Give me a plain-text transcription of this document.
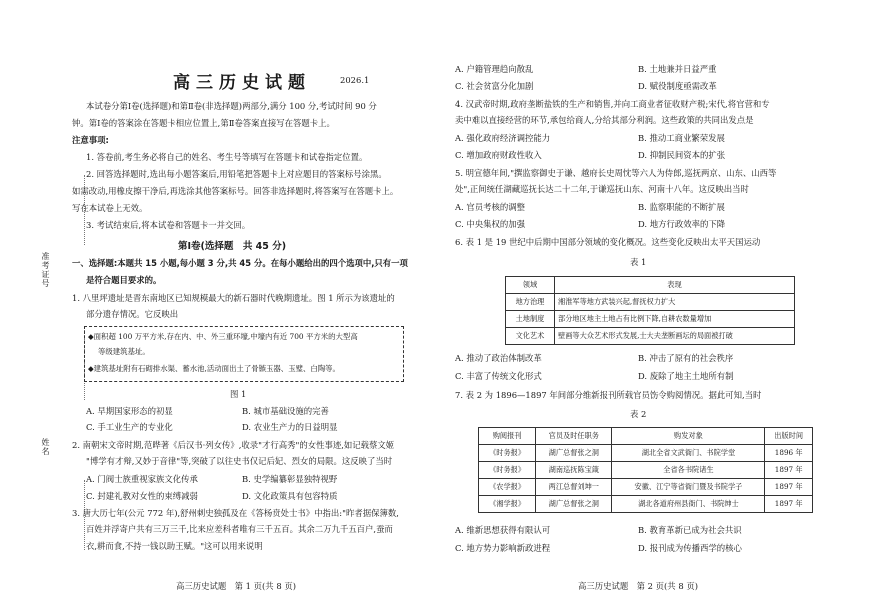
准考证号
姓名
高三历史试题	2026.1
本试卷分第Ⅰ卷(选择题)和第Ⅱ卷(非选择题)两部分,满分 100 分,考试时间 90 分
钟。第Ⅰ卷的答案涂在答题卡相应位置上,第Ⅱ卷答案直接写在答题卡上。
注意事项:
1. 答卷前,考生务必将自己的姓名、考生号等填写在答题卡和试卷指定位置。
2. 回答选择题时,选出每小题答案后,用铅笔把答题卡上对应题目的答案标号涂黑。
如需改动,用橡皮擦干净后,再选涂其他答案标号。回答非选择题时,将答案写在答题卡上。
写在本试卷上无效。
3. 考试结束后,将本试卷和答题卡一并交回。
第Ⅰ卷(选择题　共 45 分)
一、选择题:本题共 15 小题,每小题 3 分,共 45 分。在每小题给出的四个选项中,只有一项
是符合题目要求的。
1. 八里坪遗址是晋东南地区已知规模最大的新石器时代晚期遗址。图 1 所示为该遗址的
部分遗存情况。它反映出
◆面积超 100 万平方米,存在内、中、外三重环壕,中壕内有近 700 平方米的大型高
等级建筑基址。
◆建筑基址附有石砌排水渠、蓄水池,活动面出土了骨镞玉器、玉璧、白陶等。
图 1
A. 早期国家形态的初显	B. 城市基础设施的完善
C. 手工业生产的专业化	D. 农业生产力的日益明显
2. 南朝宋文帝时期,范晔著《后汉书·列女传》,收录"才行高秀"的女性事迹,如记载蔡文姬
"博学有才辩,又妙于音律"等,突破了以往史书仅记后妃、烈女的局限。这反映了当时
A. 门阀士族重视家族文化传承	B. 史学编纂彰显独特视野
C. 封建礼教对女性的束缚减弱	D. 文化政策具有包容特质
3. 唐大历七年(公元 772 年),舒州刺史独孤及在《答杨贲处士书》中指出:"昨者据保簿数,
百姓并浮寄户共有三万三千,比来应差科者唯有三千五百。其余二万九千五百户,蚕而
衣,耕而食,不持一钱以助王赋。"这可以用来说明
高三历史试题　第 1 页(共 8 页)
A. 户籍管理趋向散乱	B. 土地兼并日益严重
C. 社会贫富分化加剧	D. 赋役制度亟需改革
4. 汉武帝时期,政府垄断盐铁的生产和销售,并向工商业者征收财产税;宋代,将官营和专
卖中难以直接经营的环节,承包给商人,分给其部分利润。这些政策的共同出发点是
A. 强化政府经济调控能力	B. 推动工商业繁荣发展
C. 增加政府财政性收入	D. 抑制民间资本的扩张
5. 明宣德年间,"撰监察御史于谦、越府长史周忱等六人为侍郎,巡抚两京、山东、山西等
处",正间统任湖藏巡抚长达二十二年,于谦巡抚山东、河南十八年。这反映出当时
A. 官员考核的调整	B. 监察职能的不断扩展
C. 中央集权的加强	D. 地方行政效率的下降
6. 表 1 是 19 世纪中后期中国部分领域的变化概况。这些变化反映出太平天国运动
表 1
领域	表现
地方治理	湘淮军等地方武装兴起,督抚权力扩大
土地制度	部分地区地主土地占有比例下降,自耕农数量增加
文化艺术	壁画等大众艺术形式发展,士大夫垄断画坛的局面被打破
A. 推动了政治体制改革	B. 冲击了原有的社会秩序
C. 丰富了传统文化形式	D. 废除了地主土地所有制
7. 表 2 为 1896—1897 年间部分维新报刊所载官员饬令购阅情况。据此可知,当时
表 2
购阅报刊	官员及时任职务	购发对象	出版时间
《时务报》	湖广总督张之洞	湖北全省文武衙门、书院学堂	1896 年
《时务报》	湖南巡抚陈宝箴	全省各书院诸生	1897 年
《农学报》	两江总督刘坤一	安徽、江宁等省衙门暨及书院学子	1897 年
《湘学报》	湖广总督张之洞	湖北各道府州县衙门、书院绅士	1897 年
A. 维新思想获得有限认可	B. 教育革新已成为社会共识
C. 地方势力影响新政进程	D. 报刊成为传播西学的核心
高三历史试题　第 2 页(共 8 页)
